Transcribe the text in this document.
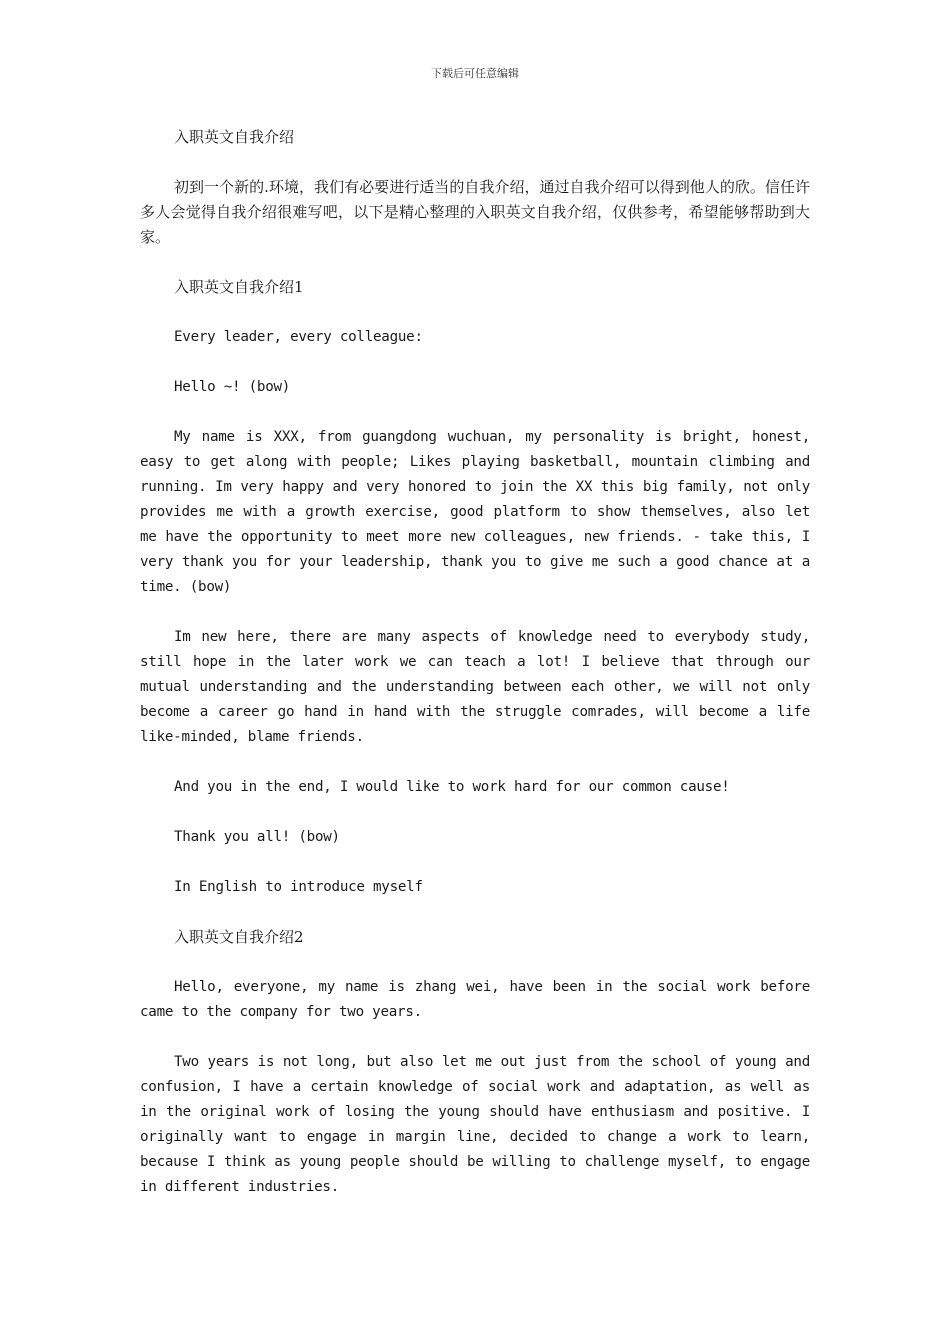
下载后可任意编辑

入职英文自我介绍

初到一个新的.环境，我们有必要进行适当的自我介绍，通过自我介绍可以得到他人的欣。信任许多人会觉得自我介绍很难写吧，以下是精心整理的入职英文自我介绍，仅供参考，希望能够帮助到大家。

入职英文自我介绍1

Every leader, every colleague:

Hello ~! (bow)

My name is XXX, from guangdong wuchuan, my personality is bright, honest, easy to get along with people; Likes playing basketball, mountain climbing and running. Im very happy and very honored to join the XX this big family, not only provides me with a growth exercise, good platform to show themselves, also let me have the opportunity to meet more new colleagues, new friends. - take this, I very thank you for your leadership, thank you to give me such a good chance at a time. (bow)

Im new here, there are many aspects of knowledge need to everybody study, still hope in the later work we can teach a lot! I believe that through our mutual understanding and the understanding between each other, we will not only become a career go hand in hand with the struggle comrades, will become a life like-minded, blame friends.

And you in the end, I would like to work hard for our common cause!

Thank you all! (bow)

In English to introduce myself

入职英文自我介绍2

Hello, everyone, my name is zhang wei, have been in the social work before came to the company for two years.

Two years is not long, but also let me out just from the school of young and confusion, I have a certain knowledge of social work and adaptation, as well as in the original work of losing the young should have enthusiasm and positive. I originally want to engage in margin line, decided to change a work to learn, because I think as young people should be willing to challenge myself, to engage in different industries.
